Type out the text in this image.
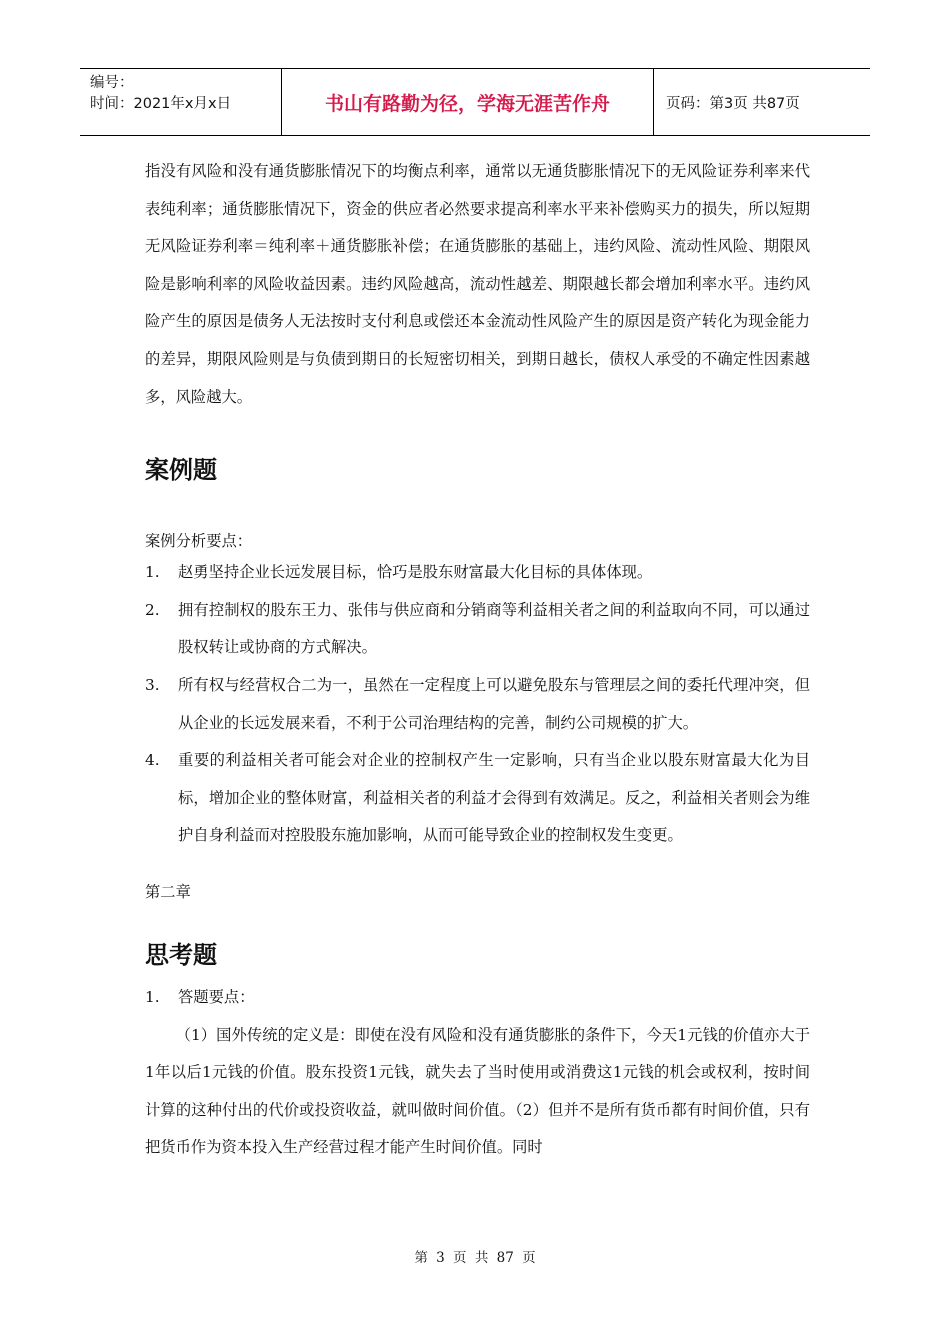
编号：
时间：2021年x月x日	书山有路勤为径，学海无涯苦作舟	页码：第3页 共87页

指没有风险和没有通货膨胀情况下的均衡点利率，通常以无通货膨胀情况下的无风险证券利率来代表纯利率；通货膨胀情况下，资金的供应者必然要求提高利率水平来补偿购买力的损失，所以短期无风险证券利率＝纯利率＋通货膨胀补偿；在通货膨胀的基础上，违约风险、流动性风险、期限风险是影响利率的风险收益因素。违约风险越高，流动性越差、期限越长都会增加利率水平。违约风险产生的原因是债务人无法按时支付利息或偿还本金流动性风险产生的原因是资产转化为现金能力的差异，期限风险则是与负债到期日的长短密切相关，到期日越长，债权人承受的不确定性因素越多，风险越大。

案例题
案例分析要点：
1. 赵勇坚持企业长远发展目标，恰巧是股东财富最大化目标的具体体现。
2. 拥有控制权的股东王力、张伟与供应商和分销商等利益相关者之间的利益取向不同，可以通过股权转让或协商的方式解决。
3. 所有权与经营权合二为一，虽然在一定程度上可以避免股东与管理层之间的委托代理冲突，但从企业的长远发展来看，不利于公司治理结构的完善，制约公司规模的扩大。
4. 重要的利益相关者可能会对企业的控制权产生一定影响，只有当企业以股东财富最大化为目标，增加企业的整体财富，利益相关者的利益才会得到有效满足。反之，利益相关者则会为维护自身利益而对控股股东施加影响，从而可能导致企业的控制权发生变更。
第二章
思考题
1. 答题要点：

（1）国外传统的定义是：即使在没有风险和没有通货膨胀的条件下，今天1元钱的价值亦大于1年以后1元钱的价值。股东投资1元钱，就失去了当时使用或消费这1元钱的机会或权利，按时间计算的这种付出的代价或投资收益，就叫做时间价值。（2）但并不是所有货币都有时间价值，只有把货币作为资本投入生产经营过程才能产生时间价值。同时

第 3 页 共 87 页
